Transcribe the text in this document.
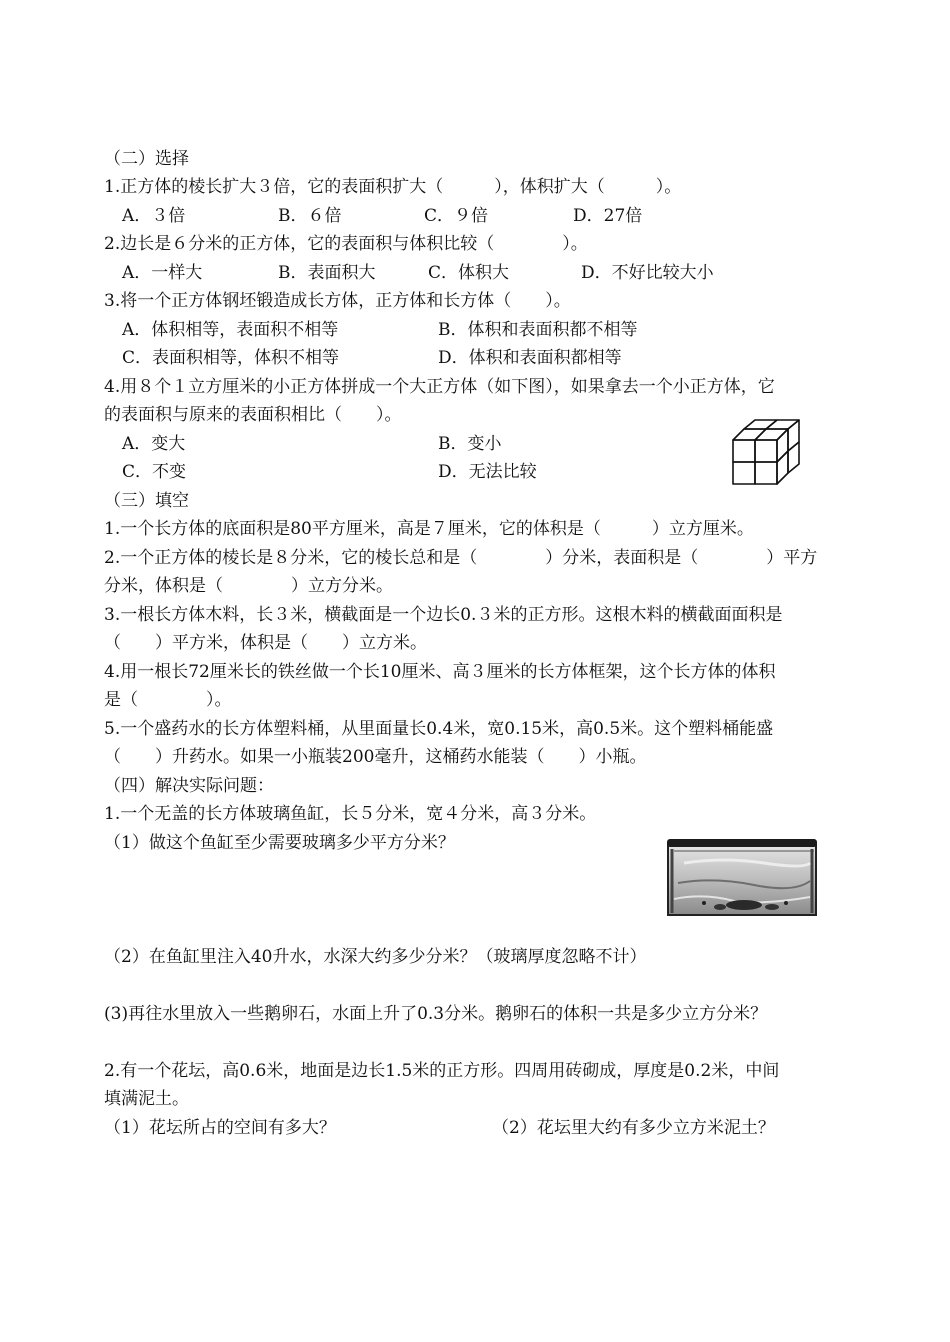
（二）选择
1.正方体的棱长扩大３倍，它的表面积扩大（　　　），体积扩大（　　　）。
A．３倍	B．６倍	C．９倍	D．27倍
2.边长是６分米的正方体，它的表面积与体积比较（　　　　）。
A．一样大	B．表面积大	C．体积大	D．不好比较大小
3.将一个正方体钢坯锻造成长方体，正方体和长方体（　　）。
A．体积相等，表面积不相等	B．体积和表面积都不相等
C．表面积相等，体积不相等	D．体积和表面积都相等
4.用８个１立方厘米的小正方体拼成一个大正方体（如下图），如果拿去一个小正方体，它
的表面积与原来的表面积相比（　　）。
A．变大	B．变小
C．不变	D．无法比较
（三）填空
1.一个长方体的底面积是80平方厘米，高是７厘米，它的体积是（　　　）立方厘米。
2.一个正方体的棱长是８分米，它的棱长总和是（　　　　）分米，表面积是（　　　　）平方
分米，体积是（　　　　）立方分米。
3.一根长方体木料，长３米，横截面是一个边长0.３米的正方形。这根木料的横截面面积是
（　　）平方米，体积是（　　）立方米。
4.用一根长72厘米长的铁丝做一个长10厘米、高３厘米的长方体框架，这个长方体的体积
是（　　　　）。
5.一个盛药水的长方体塑料桶，从里面量长0.4米，宽0.15米，高0.5米。这个塑料桶能盛
（　　）升药水。如果一小瓶装200毫升，这桶药水能装（　　）小瓶。
（四）解决实际问题：
1.一个无盖的长方体玻璃鱼缸，长５分米，宽４分米，高３分米。
（1）做这个鱼缸至少需要玻璃多少平方分米？
（2）在鱼缸里注入40升水，水深大约多少分米？（玻璃厚度忽略不计）
(3)再往水里放入一些鹅卵石，水面上升了0.3分米。鹅卵石的体积一共是多少立方分米？
2.有一个花坛，高0.6米，地面是边长1.5米的正方形。四周用砖砌成，厚度是0.2米，中间
填满泥土。
（1）花坛所占的空间有多大？	（2）花坛里大约有多少立方米泥土？
